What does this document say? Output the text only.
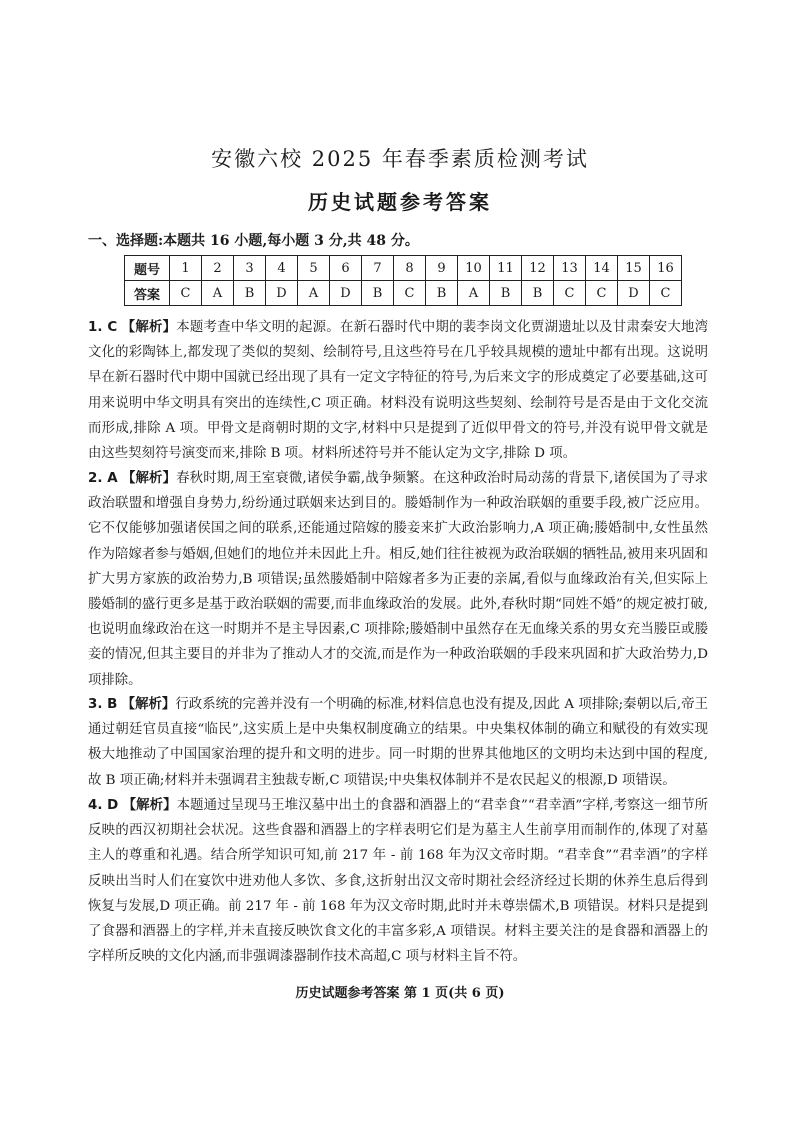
安徽六校 2025 年春季素质检测考试
历史试题参考答案
一、选择题:本题共 16 小题,每小题 3 分,共 48 分。
题号	1	2	3	4	5	6	7	8	9	10	11	12	13	14	15	16
答案	C	A	B	D	A	D	B	C	B	A	B	B	C	C	D	C
1. C 【解析】本题考查中华文明的起源。在新石器时代中期的裴李岗文化贾湖遗址以及甘肃秦安大地湾文化的彩陶钵上,都发现了类似的契刻、绘制符号,且这些符号在几乎较具规模的遗址中都有出现。这说明早在新石器时代中期中国就已经出现了具有一定文字特征的符号,为后来文字的形成奠定了必要基础,这可用来说明中华文明具有突出的连续性,C 项正确。材料没有说明这些契刻、绘制符号是否是由于文化交流而形成,排除 A 项。甲骨文是商朝时期的文字,材料中只是提到了近似甲骨文的符号,并没有说甲骨文就是由这些契刻符号演变而来,排除 B 项。材料所述符号并不能认定为文字,排除 D 项。
2. A 【解析】春秋时期,周王室衰微,诸侯争霸,战争频繁。在这种政治时局动荡的背景下,诸侯国为了寻求政治联盟和增强自身势力,纷纷通过联姻来达到目的。媵婚制作为一种政治联姻的重要手段,被广泛应用。它不仅能够加强诸侯国之间的联系,还能通过陪嫁的媵妾来扩大政治影响力,A 项正确;媵婚制中,女性虽然作为陪嫁者参与婚姻,但她们的地位并未因此上升。相反,她们往往被视为政治联姻的牺牲品,被用来巩固和扩大男方家族的政治势力,B 项错误;虽然媵婚制中陪嫁者多为正妻的亲属,看似与血缘政治有关,但实际上媵婚制的盛行更多是基于政治联姻的需要,而非血缘政治的发展。此外,春秋时期“同姓不婚”的规定被打破,也说明血缘政治在这一时期并不是主导因素,C 项排除;媵婚制中虽然存在无血缘关系的男女充当媵臣或媵妾的情况,但其主要目的并非为了推动人才的交流,而是作为一种政治联姻的手段来巩固和扩大政治势力,D 项排除。
3. B 【解析】行政系统的完善并没有一个明确的标准,材料信息也没有提及,因此 A 项排除;秦朝以后,帝王通过朝廷官员直接“临民”,这实质上是中央集权制度确立的结果。中央集权体制的确立和赋役的有效实现极大地推动了中国国家治理的提升和文明的进步。同一时期的世界其他地区的文明均未达到中国的程度,故 B 项正确;材料并未强调君主独裁专断,C 项错误;中央集权体制并不是农民起义的根源,D 项错误。
4. D 【解析】本题通过呈现马王堆汉墓中出土的食器和酒器上的“君幸食”“君幸酒”字样,考察这一细节所反映的西汉初期社会状况。这些食器和酒器上的字样表明它们是为墓主人生前享用而制作的,体现了对墓主人的尊重和礼遇。结合所学知识可知,前 217 年 - 前 168 年为汉文帝时期。“君幸食”“君幸酒”的字样反映出当时人们在宴饮中进劝他人多饮、多食,这折射出汉文帝时期社会经济经过长期的休养生息后得到恢复与发展,D 项正确。前 217 年 - 前 168 年为汉文帝时期,此时并未尊崇儒术,B 项错误。材料只是提到了食器和酒器上的字样,并未直接反映饮食文化的丰富多彩,A 项错误。材料主要关注的是食器和酒器上的字样所反映的文化内涵,而非强调漆器制作技术高超,C 项与材料主旨不符。
历史试题参考答案 第 1 页(共 6 页)
